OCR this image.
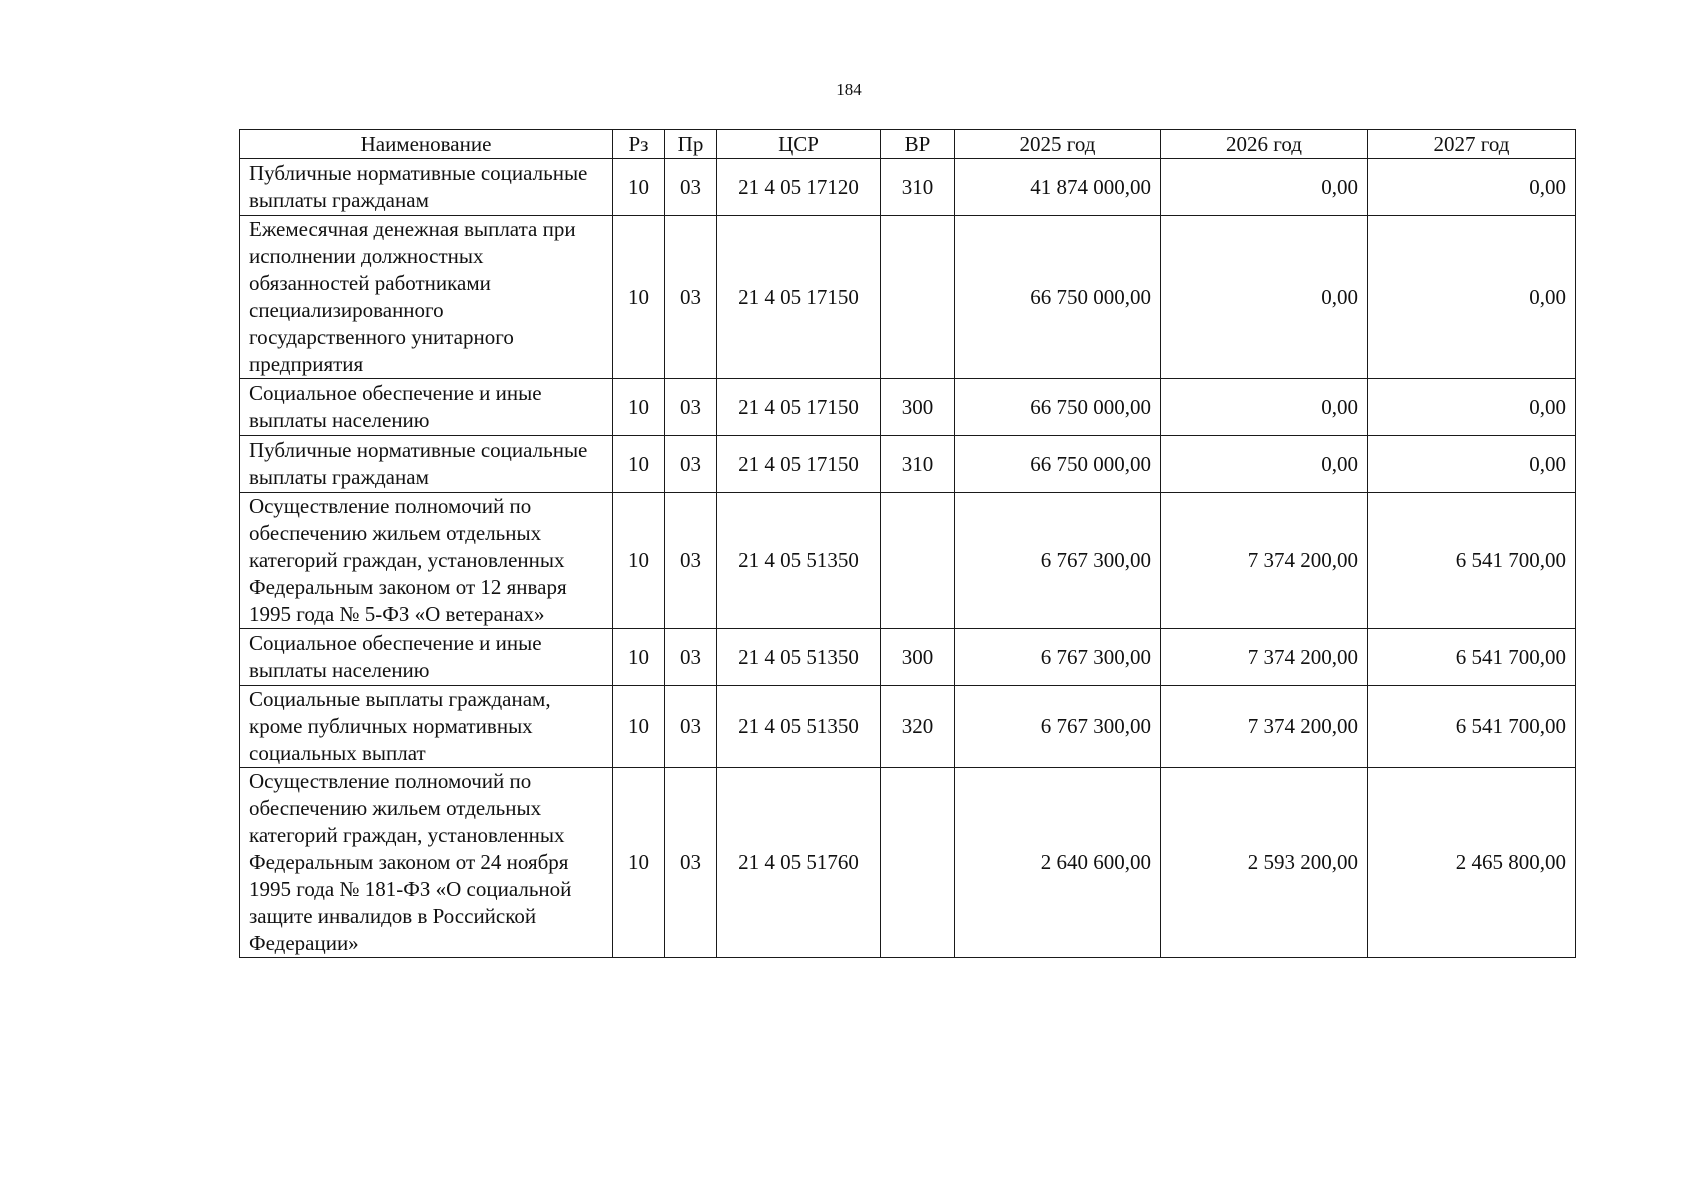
184
Наименование	Рз	Пр	ЦСР	ВР	2025 год	2026 год	2027 год
Публичные нормативные социальные выплаты гражданам	10	03	21 4 05 17120	310	41 874 000,00	0,00	0,00
Ежемесячная денежная выплата при исполнении должностных обязанностей работниками специализированного государственного унитарного предприятия	10	03	21 4 05 17150		66 750 000,00	0,00	0,00
Социальное обеспечение и иные выплаты населению	10	03	21 4 05 17150	300	66 750 000,00	0,00	0,00
Публичные нормативные социальные выплаты гражданам	10	03	21 4 05 17150	310	66 750 000,00	0,00	0,00
Осуществление полномочий по обеспечению жильем отдельных категорий граждан, установленных Федеральным законом от 12 января 1995 года № 5-ФЗ «О ветеранах»	10	03	21 4 05 51350		6 767 300,00	7 374 200,00	6 541 700,00
Социальное обеспечение и иные выплаты населению	10	03	21 4 05 51350	300	6 767 300,00	7 374 200,00	6 541 700,00
Социальные выплаты гражданам, кроме публичных нормативных социальных выплат	10	03	21 4 05 51350	320	6 767 300,00	7 374 200,00	6 541 700,00
Осуществление полномочий по обеспечению жильем отдельных категорий граждан, установленных Федеральным законом от 24 ноября 1995 года № 181-ФЗ «О социальной защите инвалидов в Российской Федерации»	10	03	21 4 05 51760		2 640 600,00	2 593 200,00	2 465 800,00
